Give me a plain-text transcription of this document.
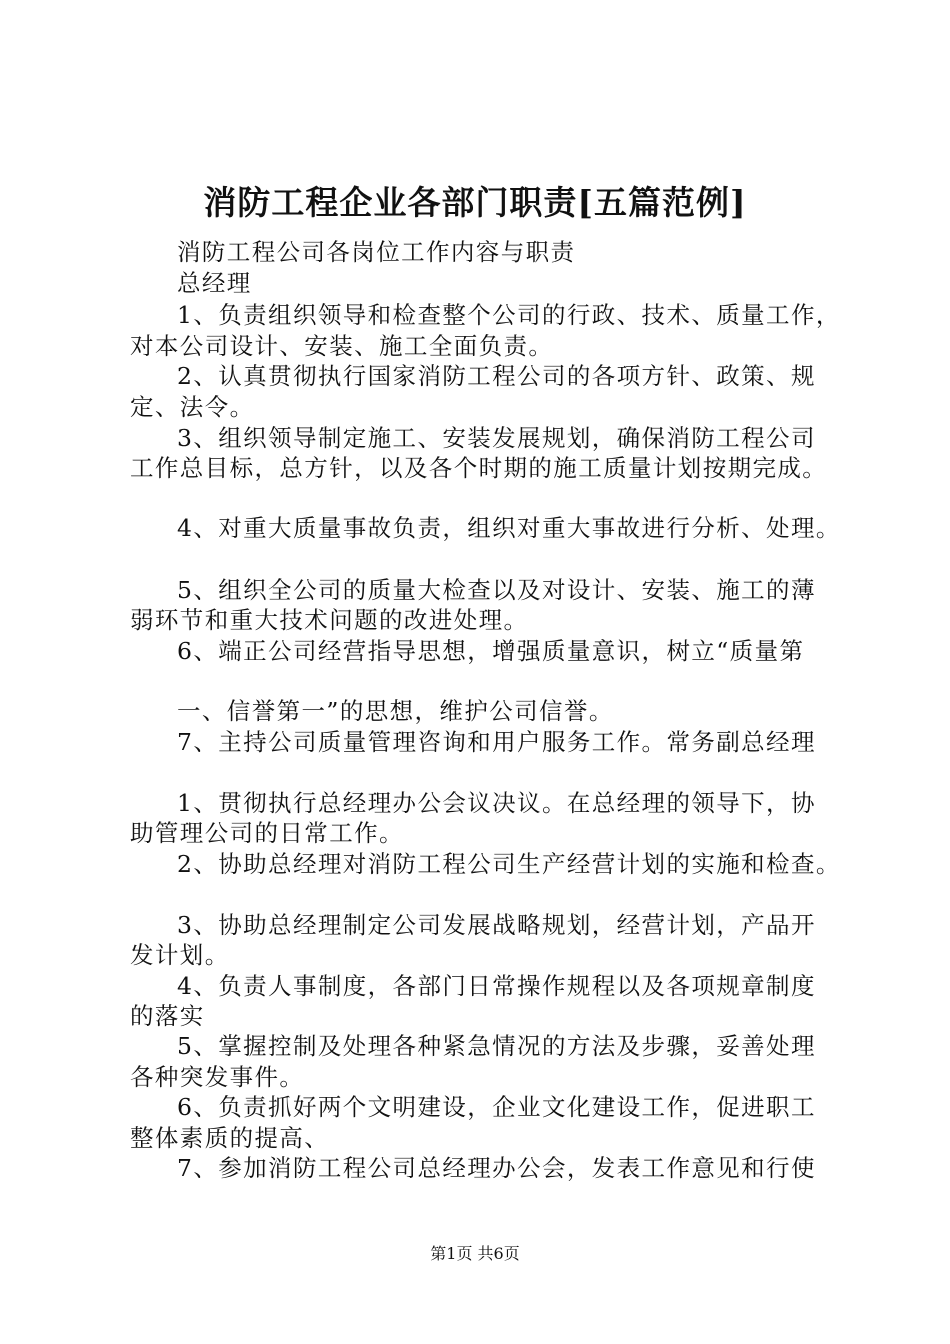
消防工程企业各部门职责[五篇范例]
消防工程公司各岗位工作内容与职责
总经理
1、负责组织领导和检查整个公司的行政、技术、质量工作，
对本公司设计、安装、施工全面负责。
2、认真贯彻执行国家消防工程公司的各项方针、政策、规
定、法令。
3、组织领导制定施工、安装发展规划，确保消防工程公司
工作总目标，总方针，以及各个时期的施工质量计划按期完成。
4、对重大质量事故负责，组织对重大事故进行分析、处理。
5、组织全公司的质量大检查以及对设计、安装、施工的薄
弱环节和重大技术问题的改进处理。
6、端正公司经营指导思想，增强质量意识，树立“质量第
一、信誉第一”的思想，维护公司信誉。
7、主持公司质量管理咨询和用户服务工作。常务副总经理
1、贯彻执行总经理办公会议决议。在总经理的领导下，协
助管理公司的日常工作。
2、协助总经理对消防工程公司生产经营计划的实施和检查。
3、协助总经理制定公司发展战略规划，经营计划，产品开
发计划。
4、负责人事制度，各部门日常操作规程以及各项规章制度
的落实
5、掌握控制及处理各种紧急情况的方法及步骤，妥善处理
各种突发事件。
6、负责抓好两个文明建设，企业文化建设工作，促进职工
整体素质的提高、
7、参加消防工程公司总经理办公会，发表工作意见和行使
第1页 共6页
